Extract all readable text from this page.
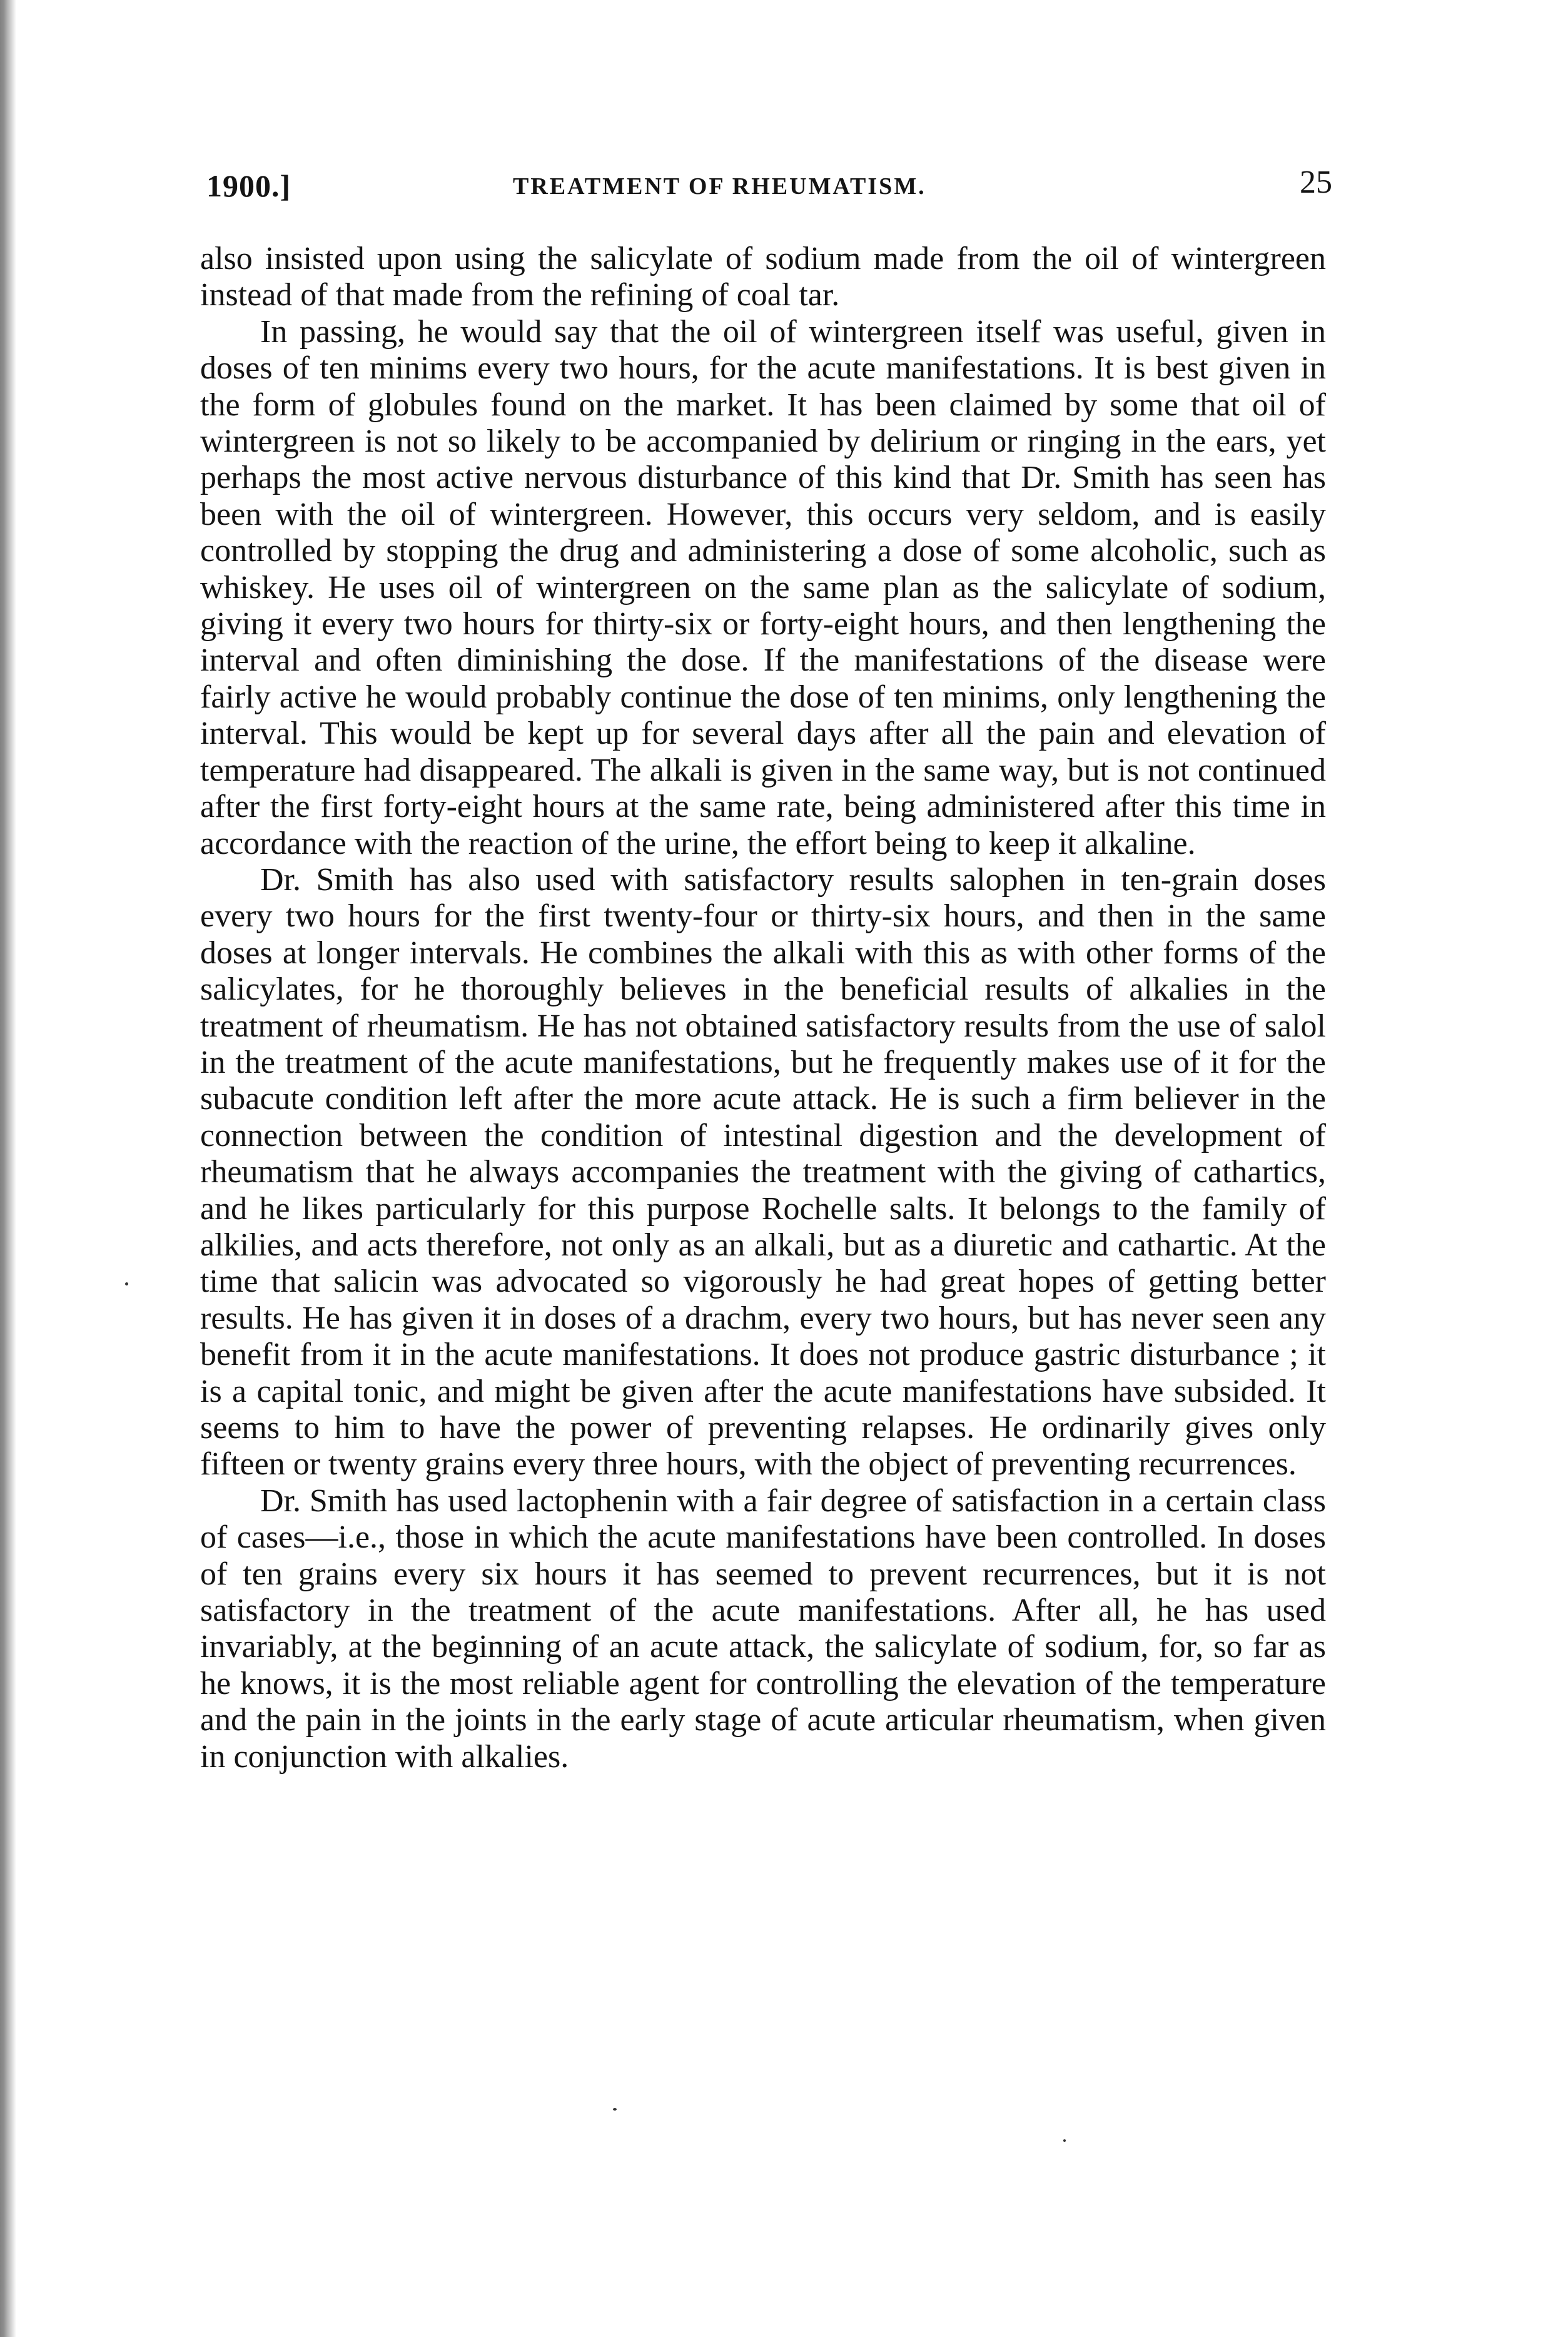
1900.]	TREATMENT OF RHEUMATISM.	25

also insisted upon using the salicylate of sodium made from the oil of wintergreen instead of that made from the refining of coal tar.

In passing, he would say that the oil of wintergreen itself was useful, given in doses of ten minims every two hours, for the acute manifestations. It is best given in the form of globules found on the market. It has been claimed by some that oil of wintergreen is not so likely to be accompanied by delirium or ringing in the ears, yet perhaps the most active nervous disturbance of this kind that Dr. Smith has seen has been with the oil of wintergreen. However, this occurs very seldom, and is easily controlled by stopping the drug and administering a dose of some alcoholic, such as whiskey. He uses oil of wintergreen on the same plan as the salicylate of sodium, giving it every two hours for thirty-six or forty-eight hours, and then lengthening the interval and often diminishing the dose. If the manifestations of the disease were fairly active he would probably continue the dose of ten minims, only lengthening the interval. This would be kept up for several days after all the pain and elevation of temperature had disappeared. The alkali is given in the same way, but is not continued after the first forty-eight hours at the same rate, being administered after this time in accordance with the reaction of the urine, the effort being to keep it alkaline.

Dr. Smith has also used with satisfactory results salophen in ten-grain doses every two hours for the first twenty-four or thirty-six hours, and then in the same doses at longer intervals. He combines the alkali with this as with other forms of the salicylates, for he thoroughly believes in the beneficial results of alkalies in the treatment of rheumatism. He has not obtained satisfactory results from the use of salol in the treatment of the acute manifestations, but he frequently makes use of it for the subacute condition left after the more acute attack. He is such a firm believer in the connection between the condition of intestinal digestion and the development of rheumatism that he always accompanies the treatment with the giving of cathartics, and he likes particularly for this purpose Rochelle salts. It belongs to the family of alkilies, and acts therefore, not only as an alkali, but as a diuretic and cathartic. At the time that salicin was advocated so vigorously he had great hopes of getting better results. He has given it in doses of a drachm, every two hours, but has never seen any benefit from it in the acute manifestations. It does not produce gastric disturbance ; it is a capital tonic, and might be given after the acute manifestations have subsided. It seems to him to have the power of preventing relapses. He ordinarily gives only fifteen or twenty grains every three hours, with the object of preventing recurrences.

Dr. Smith has used lactophenin with a fair degree of satisfaction in a certain class of cases—i.e., those in which the acute manifestations have been controlled. In doses of ten grains every six hours it has seemed to prevent recurrences, but it is not satisfactory in the treatment of the acute manifestations. After all, he has used invariably, at the beginning of an acute attack, the salicylate of sodium, for, so far as he knows, it is the most reliable agent for controlling the elevation of the temperature and the pain in the joints in the early stage of acute articular rheumatism, when given in conjunction with alkalies.
